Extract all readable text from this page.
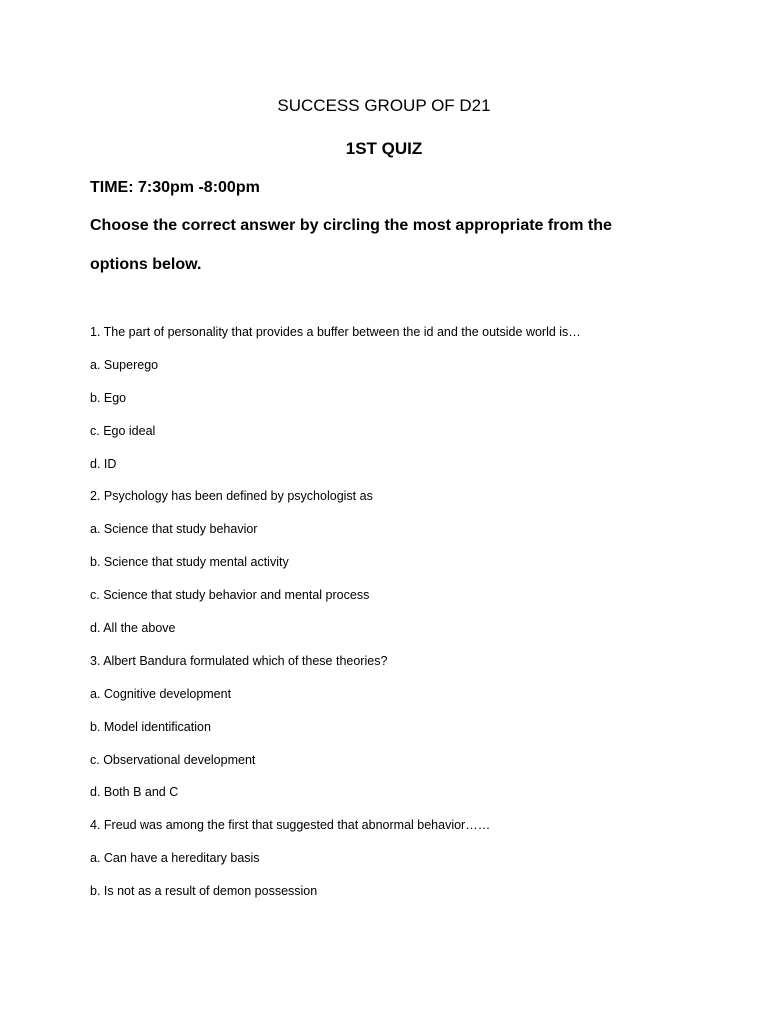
SUCCESS GROUP OF D21
1ST QUIZ
TIME: 7:30pm -8:00pm
Choose the correct answer by circling the most appropriate from the
options below.
1. The part of personality that provides a buffer between the id and the outside world is…
a. Superego
b. Ego
c. Ego ideal
d. ID
2. Psychology has been defined by psychologist as
a. Science that study behavior
b. Science that study mental activity
c. Science that study behavior and mental process
d. All the above
3. Albert Bandura formulated which of these theories?
a. Cognitive development
b. Model identification
c. Observational development
d. Both B and C
4. Freud was among the first that suggested that abnormal behavior……
a. Can have a hereditary basis
b. Is not as a result of demon possession
